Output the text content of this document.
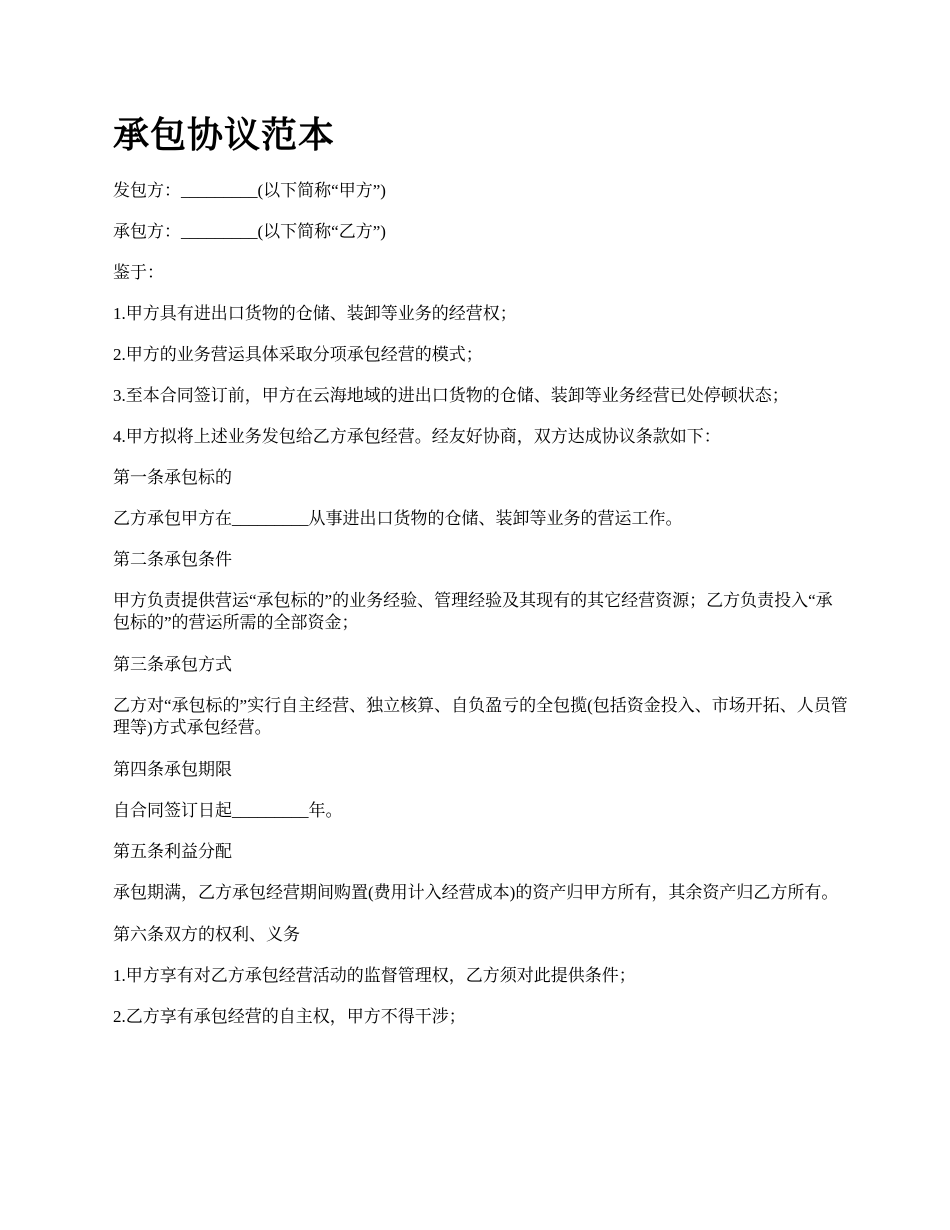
承包协议范本

发包方：_________(以下简称“甲方”)

承包方：_________(以下简称“乙方”)

鉴于：

1.甲方具有进出口货物的仓储、装卸等业务的经营权；

2.甲方的业务营运具体采取分项承包经营的模式；

3.至本合同签订前，甲方在云海地域的进出口货物的仓储、装卸等业务经营已处停顿状态；

4.甲方拟将上述业务发包给乙方承包经营。经友好协商，双方达成协议条款如下：

第一条承包标的

乙方承包甲方在_________从事进出口货物的仓储、装卸等业务的营运工作。

第二条承包条件

甲方负责提供营运“承包标的”的业务经验、管理经验及其现有的其它经营资源；乙方负责投入“承包标的”的营运所需的全部资金；

第三条承包方式

乙方对“承包标的”实行自主经营、独立核算、自负盈亏的全包揽(包括资金投入、市场开拓、人员管理等)方式承包经营。

第四条承包期限

自合同签订日起_________年。

第五条利益分配

承包期满，乙方承包经营期间购置(费用计入经营成本)的资产归甲方所有，其余资产归乙方所有。

第六条双方的权利、义务

1.甲方享有对乙方承包经营活动的监督管理权，乙方须对此提供条件；

2.乙方享有承包经营的自主权，甲方不得干涉；
